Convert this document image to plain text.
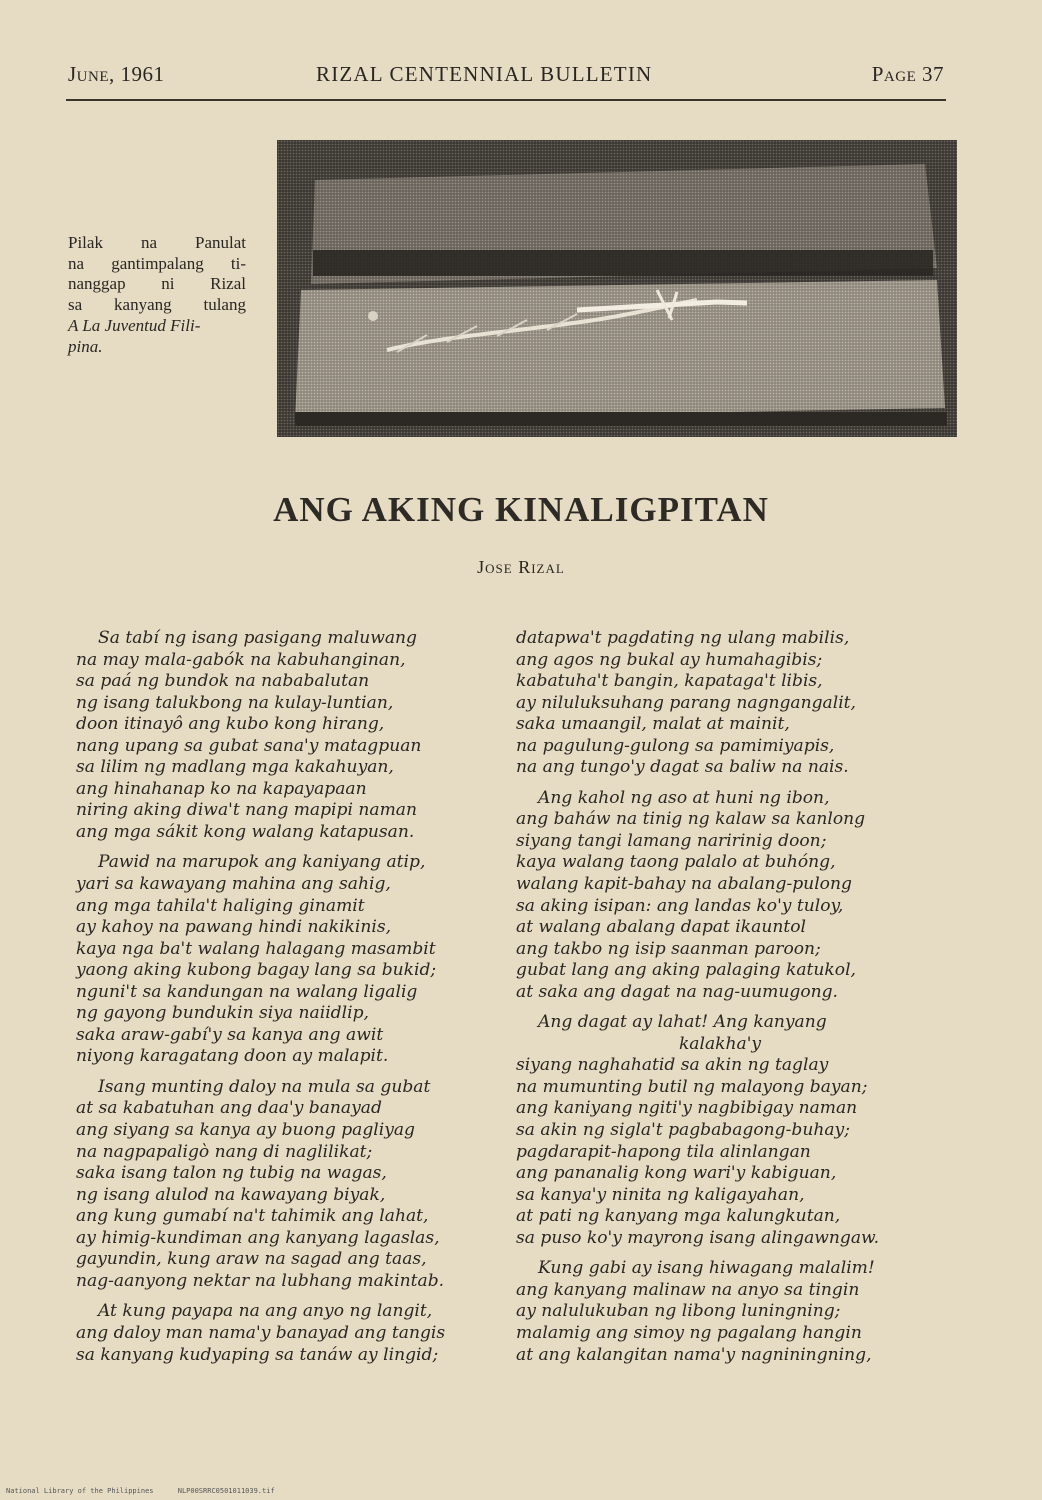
June, 1961	RIZAL CENTENNIAL BULLETIN	Page 37
Pilak na Panulat
na gantimpalang ti-
nanggap ni Rizal
sa kanyang tulang
A La Juventud Fili-
pina.
ANG AKING KINALIGPITAN
Jose Rizal
Sa tabí ng isang pasigang maluwang
na may mala-gabók na kabuhanginan,
sa paá ng bundok na nababalutan
ng isang talukbong na kulay-luntian,
doon itinayô ang kubo kong hirang,
nang upang sa gubat sana'y matagpuan
sa lilim ng madlang mga kakahuyan,
ang hinahanap ko na kapayapaan
niring aking diwa't nang mapipi naman
ang mga sákit kong walang katapusan.
Pawid na marupok ang kaniyang atip,
yari sa kawayang mahina ang sahig,
ang mga tahila't haliging ginamit
ay kahoy na pawang hindi nakikinis,
kaya nga ba't walang halagang masambit
yaong aking kubong bagay lang sa bukid;
nguni't sa kandungan na walang ligalig
ng gayong bundukin siya naiidlip,
saka araw-gabí'y sa kanya ang awit
niyong karagatang doon ay malapit.
Isang munting daloy na mula sa gubat
at sa kabatuhan ang daa'y banayad
ang siyang sa kanya ay buong pagliyag
na nagpapaligò nang di naglilikat;
saka isang talon ng tubig na wagas,
ng isang alulod na kawayang biyak,
ang kung gumabí na't tahimik ang lahat,
ay himig-kundiman ang kanyang lagaslas,
gayundin, kung araw na sagad ang taas,
nag-aanyong nektar na lubhang makintab.
At kung payapa na ang anyo ng langit,
ang daloy man nama'y banayad ang tangis
sa kanyang kudyaping sa tanáw ay lingid;
datapwa't pagdating ng ulang mabilis,
ang agos ng bukal ay humahagibis;
kabatuha't bangin, kapataga't libis,
ay niluluksuhang parang nagngangalit,
saka umaangil, malat at mainit,
na pagulung-gulong sa pamimiyapis,
na ang tungo'y dagat sa baliw na nais.
Ang kahol ng aso at huni ng ibon,
ang baháw na tinig ng kalaw sa kanlong
siyang tangi lamang naririnig doon;
kaya walang taong palalo at buhóng,
walang kapit-bahay na abalang-pulong
sa aking isipan: ang landas ko'y tuloy,
at walang abalang dapat ikauntol
ang takbo ng isip saanman paroon;
gubat lang ang aking palaging katukol,
at saka ang dagat na nag-uumugong.
Ang dagat ay lahat! Ang kanyang
kalakha'y
siyang naghahatid sa akin ng taglay
na mumunting butil ng malayong bayan;
ang kaniyang ngiti'y nagbibigay naman
sa akin ng sigla't pagbabagong-buhay;
pagdarapit-hapong tila alinlangan
ang pananalig kong wari'y kabiguan,
sa kanya'y ninita ng kaligayahan,
at pati ng kanyang mga kalungkutan,
sa puso ko'y mayrong isang alingawngaw.
Kung gabi ay isang hiwagang malalim!
ang kanyang malinaw na anyo sa tingin
ay nalulukuban ng libong luningning;
malamig ang simoy ng pagalang hangin
at ang kalangitan nama'y nagniningning,
National Library of the Philippines	NLP00SRRC0501011039.tif
